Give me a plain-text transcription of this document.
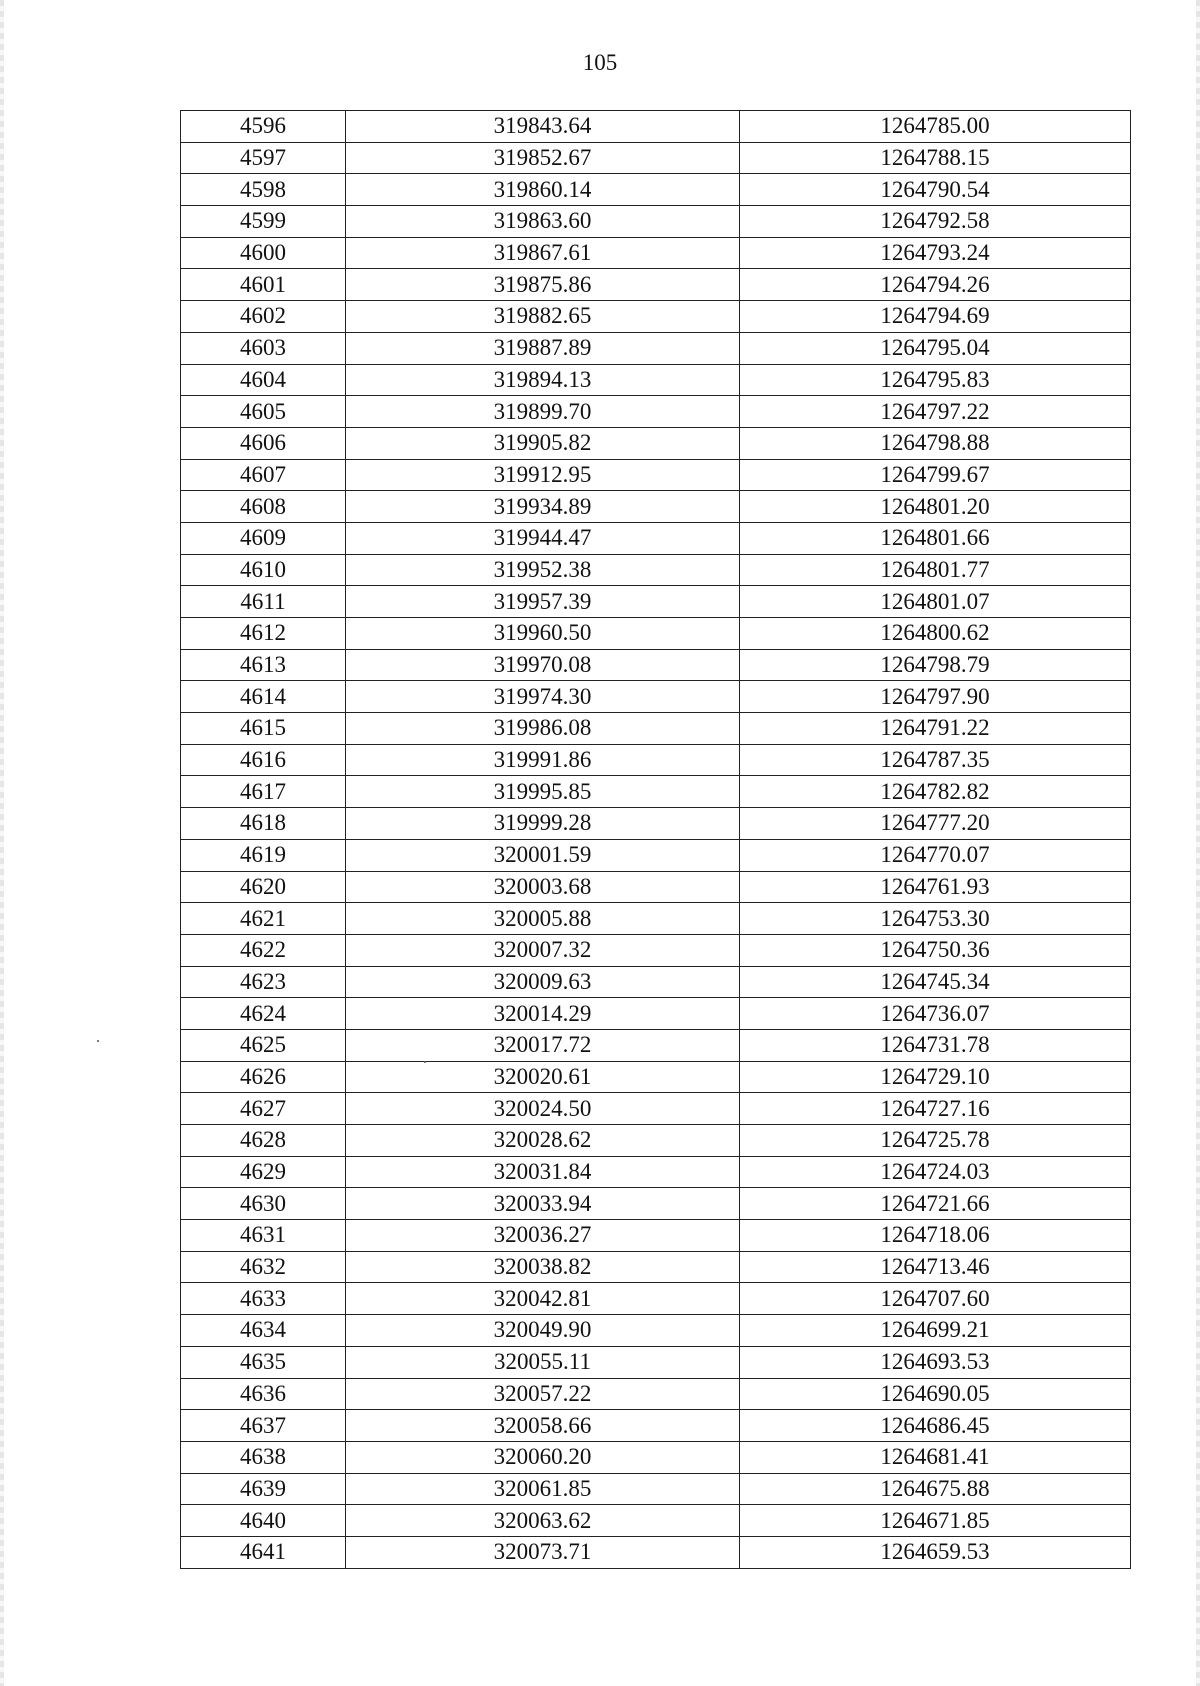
105
4596	319843.64	1264785.00
4597	319852.67	1264788.15
4598	319860.14	1264790.54
4599	319863.60	1264792.58
4600	319867.61	1264793.24
4601	319875.86	1264794.26
4602	319882.65	1264794.69
4603	319887.89	1264795.04
4604	319894.13	1264795.83
4605	319899.70	1264797.22
4606	319905.82	1264798.88
4607	319912.95	1264799.67
4608	319934.89	1264801.20
4609	319944.47	1264801.66
4610	319952.38	1264801.77
4611	319957.39	1264801.07
4612	319960.50	1264800.62
4613	319970.08	1264798.79
4614	319974.30	1264797.90
4615	319986.08	1264791.22
4616	319991.86	1264787.35
4617	319995.85	1264782.82
4618	319999.28	1264777.20
4619	320001.59	1264770.07
4620	320003.68	1264761.93
4621	320005.88	1264753.30
4622	320007.32	1264750.36
4623	320009.63	1264745.34
4624	320014.29	1264736.07
4625	320017.72	1264731.78
4626	320020.61	1264729.10
4627	320024.50	1264727.16
4628	320028.62	1264725.78
4629	320031.84	1264724.03
4630	320033.94	1264721.66
4631	320036.27	1264718.06
4632	320038.82	1264713.46
4633	320042.81	1264707.60
4634	320049.90	1264699.21
4635	320055.11	1264693.53
4636	320057.22	1264690.05
4637	320058.66	1264686.45
4638	320060.20	1264681.41
4639	320061.85	1264675.88
4640	320063.62	1264671.85
4641	320073.71	1264659.53
